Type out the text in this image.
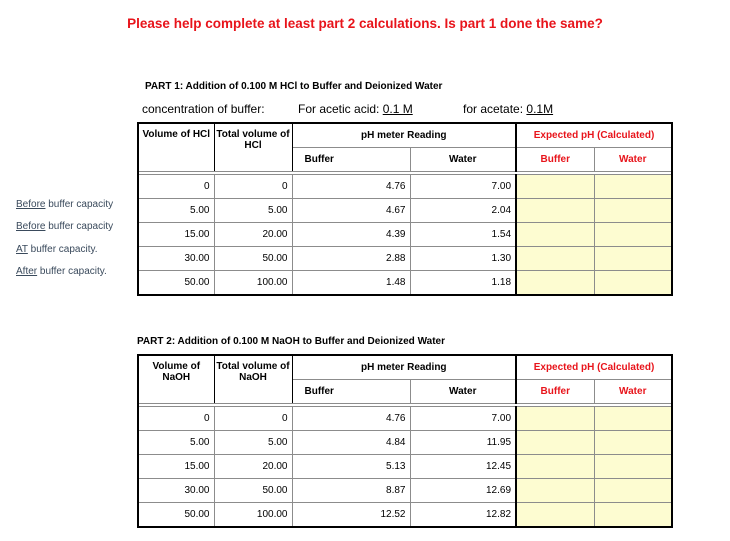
Please help complete at least part 2 calculations. Is part 1 done the same?
PART 1: Addition of 0.100 M HCl to Buffer and Deionized Water
concentration of buffer:	For acetic acid: 0.1 M	for acetate: 0.1M
Before buffer capacity
Before buffer capacity
AT buffer capacity.
After buffer capacity.
Volume of HCl	Total volume of HCl	pH meter Reading		Expected pH (Calculated)	
		Buffer	Water	Buffer	Water

0	0	4.76	7.00		
5.00	5.00	4.67	2.04		
15.00	20.00	4.39	1.54		
30.00	50.00	2.88	1.30		
50.00	100.00	1.48	1.18		
PART 2: Addition of 0.100 M NaOH to Buffer and Deionized Water
Volume of NaOH	Total volume of NaOH	pH meter Reading		Expected pH (Calculated)	
		Buffer	Water	Buffer	Water

0	0	4.76	7.00		
5.00	5.00	4.84	11.95		
15.00	20.00	5.13	12.45		
30.00	50.00	8.87	12.69		
50.00	100.00	12.52	12.82		
